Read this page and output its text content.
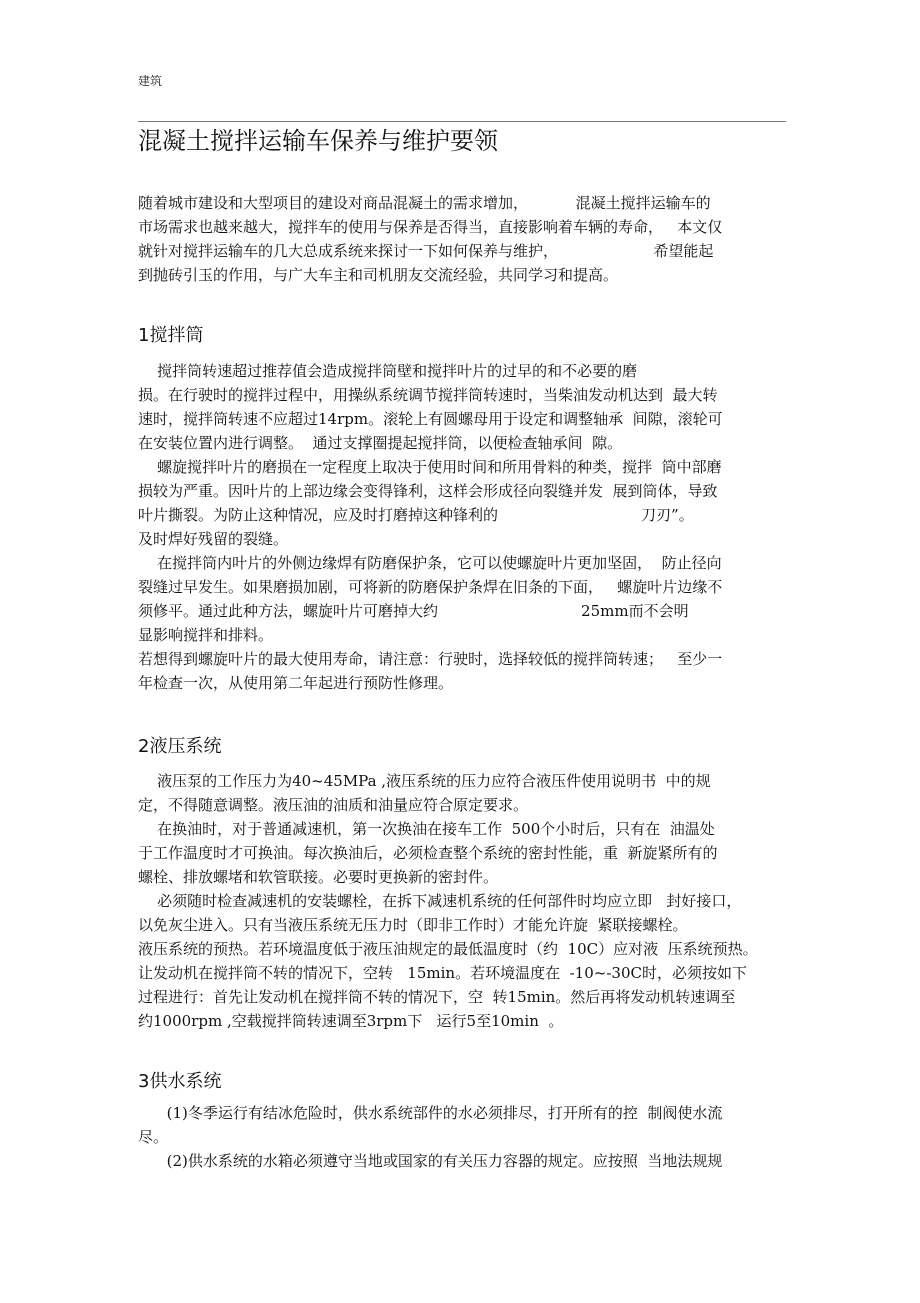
建筑
混凝土搅拌运输车保养与维护要领
随着城市建设和大型项目的建设对商品混凝土的需求增加，          混凝土搅拌运输车的
市场需求也越来越大，搅拌车的使用与保养是否得当，直接影响着车辆的寿命，   本文仅
就针对搅拌运输车的几大总成系统来探讨一下如何保养与维护，                    希望能起
到抛砖引玉的作用，与广大车主和司机朋友交流经验，共同学习和提高。
1搅拌筒
搅拌筒转速超过推荐值会造成搅拌筒壁和搅拌叶片的过早的和不必要的磨
损。在行驶时的搅拌过程中，用操纵系统调节搅拌筒转速时，当柴油发动机达到  最大转
速时，搅拌筒转速不应超过14rpm。滚轮上有圆螺母用于设定和调整轴承  间隙，滚轮可
在安装位置内进行调整。  通过支撑圈提起搅拌筒，以便检查轴承间  隙。
螺旋搅拌叶片的磨损在一定程度上取决于使用时间和所用骨料的种类，搅拌  筒中部磨
损较为严重。因叶片的上部边缘会变得锋利，这样会形成径向裂缝并发  展到筒体，导致
叶片撕裂。为防止这种情况，应及时打磨掉这种锋利的                              刀刃”。
及时焊好残留的裂缝。
在搅拌筒内叶片的外侧边缘焊有防磨保护条，它可以使螺旋叶片更加坚固，  防止径向
裂缝过早发生。如果磨损加剧，可将新的防磨保护条焊在旧条的下面，   螺旋叶片边缘不
须修平。通过此种方法，螺旋叶片可磨掉大约                              25mm而不会明
显影响搅拌和排料。
若想得到螺旋叶片的最大使用寿命，请注意：行驶时，选择较低的搅拌筒转速；   至少一
年检查一次，从使用第二年起进行预防性修理。
2液压系统
液压泵的工作压力为40~45MPa ,液压系统的压力应符合液压件使用说明书  中的规
定，不得随意调整。液压油的油质和油量应符合原定要求。
在换油时，对于普通减速机，第一次换油在接车工作  500个小时后，只有在  油温处
于工作温度时才可换油。每次换油后，必须检查整个系统的密封性能，重  新旋紧所有的
螺栓、排放螺堵和软管联接。必要时更换新的密封件。
必须随时检查减速机的安装螺栓，在拆下减速机系统的任何部件时均应立即   封好接口，
以免灰尘进入。只有当液压系统无压力时（即非工作时）才能允许旋  紧联接螺栓。
液压系统的预热。若环境温度低于液压油规定的最低温度时（约  10C）应对液  压系统预热。
让发动机在搅拌筒不转的情况下，空转   15min。若环境温度在  -10~-30C时，必须按如下
过程进行：首先让发动机在搅拌筒不转的情况下，空  转15min。然后再将发动机转速调至
约1000rpm ,空载搅拌筒转速调至3rpm下   运行5至10min  。
3供水系统
(1)冬季运行有结冰危险时，供水系统部件的水必须排尽，打开所有的控  制阀使水流
尽。
(2)供水系统的水箱必须遵守当地或国家的有关压力容器的规定。应按照  当地法规规
